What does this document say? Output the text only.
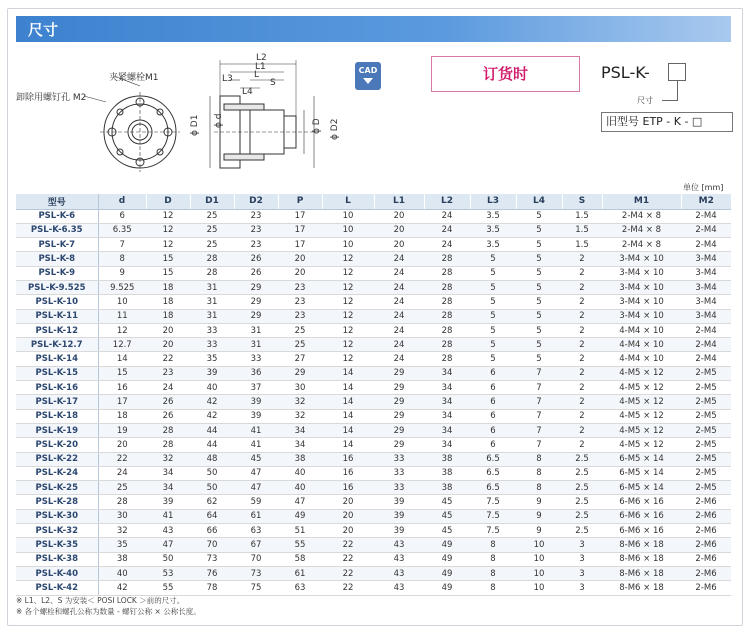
尺寸
夹紧螺栓M1
卸除用螺钉孔 M2
L2
L1
L3 L
S
L4
ϕ D1 ϕ d	ϕ D ϕ D2
CAD	订货时	PSL-K-
尺寸
旧型号 ETP - K - □
单位 [mm]
型号	d	D	D1	D2	P	L	L1	L2	L3	L4	S	M1	M2
PSL-K-6	6	12	25	23	17	10	20	24	3.5	5	1.5	2-M4 × 8	2-M4
PSL-K-6.35	6.35	12	25	23	17	10	20	24	3.5	5	1.5	2-M4 × 8	2-M4
PSL-K-7	7	12	25	23	17	10	20	24	3.5	5	1.5	2-M4 × 8	2-M4
PSL-K-8	8	15	28	26	20	12	24	28	5	5	2	3-M4 × 10	3-M4
PSL-K-9	9	15	28	26	20	12	24	28	5	5	2	3-M4 × 10	3-M4
PSL-K-9.525	9.525	18	31	29	23	12	24	28	5	5	2	3-M4 × 10	3-M4
PSL-K-10	10	18	31	29	23	12	24	28	5	5	2	3-M4 × 10	3-M4
PSL-K-11	11	18	31	29	23	12	24	28	5	5	2	3-M4 × 10	3-M4
PSL-K-12	12	20	33	31	25	12	24	28	5	5	2	4-M4 × 10	2-M4
PSL-K-12.7	12.7	20	33	31	25	12	24	28	5	5	2	4-M4 × 10	2-M4
PSL-K-14	14	22	35	33	27	12	24	28	5	5	2	4-M4 × 10	2-M4
PSL-K-15	15	23	39	36	29	14	29	34	6	7	2	4-M5 × 12	2-M5
PSL-K-16	16	24	40	37	30	14	29	34	6	7	2	4-M5 × 12	2-M5
PSL-K-17	17	26	42	39	32	14	29	34	6	7	2	4-M5 × 12	2-M5
PSL-K-18	18	26	42	39	32	14	29	34	6	7	2	4-M5 × 12	2-M5
PSL-K-19	19	28	44	41	34	14	29	34	6	7	2	4-M5 × 12	2-M5
PSL-K-20	20	28	44	41	34	14	29	34	6	7	2	4-M5 × 12	2-M5
PSL-K-22	22	32	48	45	38	16	33	38	6.5	8	2.5	6-M5 × 14	2-M5
PSL-K-24	24	34	50	47	40	16	33	38	6.5	8	2.5	6-M5 × 14	2-M5
PSL-K-25	25	34	50	47	40	16	33	38	6.5	8	2.5	6-M5 × 14	2-M5
PSL-K-28	28	39	62	59	47	20	39	45	7.5	9	2.5	6-M6 × 16	2-M6
PSL-K-30	30	41	64	61	49	20	39	45	7.5	9	2.5	6-M6 × 16	2-M6
PSL-K-32	32	43	66	63	51	20	39	45	7.5	9	2.5	6-M6 × 16	2-M6
PSL-K-35	35	47	70	67	55	22	43	49	8	10	3	8-M6 × 18	2-M6
PSL-K-38	38	50	73	70	58	22	43	49	8	10	3	8-M6 × 18	2-M6
PSL-K-40	40	53	76	73	61	22	43	49	8	10	3	8-M6 × 18	2-M6
PSL-K-42	42	55	78	75	63	22	43	49	8	10	3	8-M6 × 18	2-M6
※ L1、L2、S 为安装＜ POSI LOCK ＞前的尺寸。
※ 各个螺栓和螺孔公称为数量 - 螺钉公称 × 公称长度。
